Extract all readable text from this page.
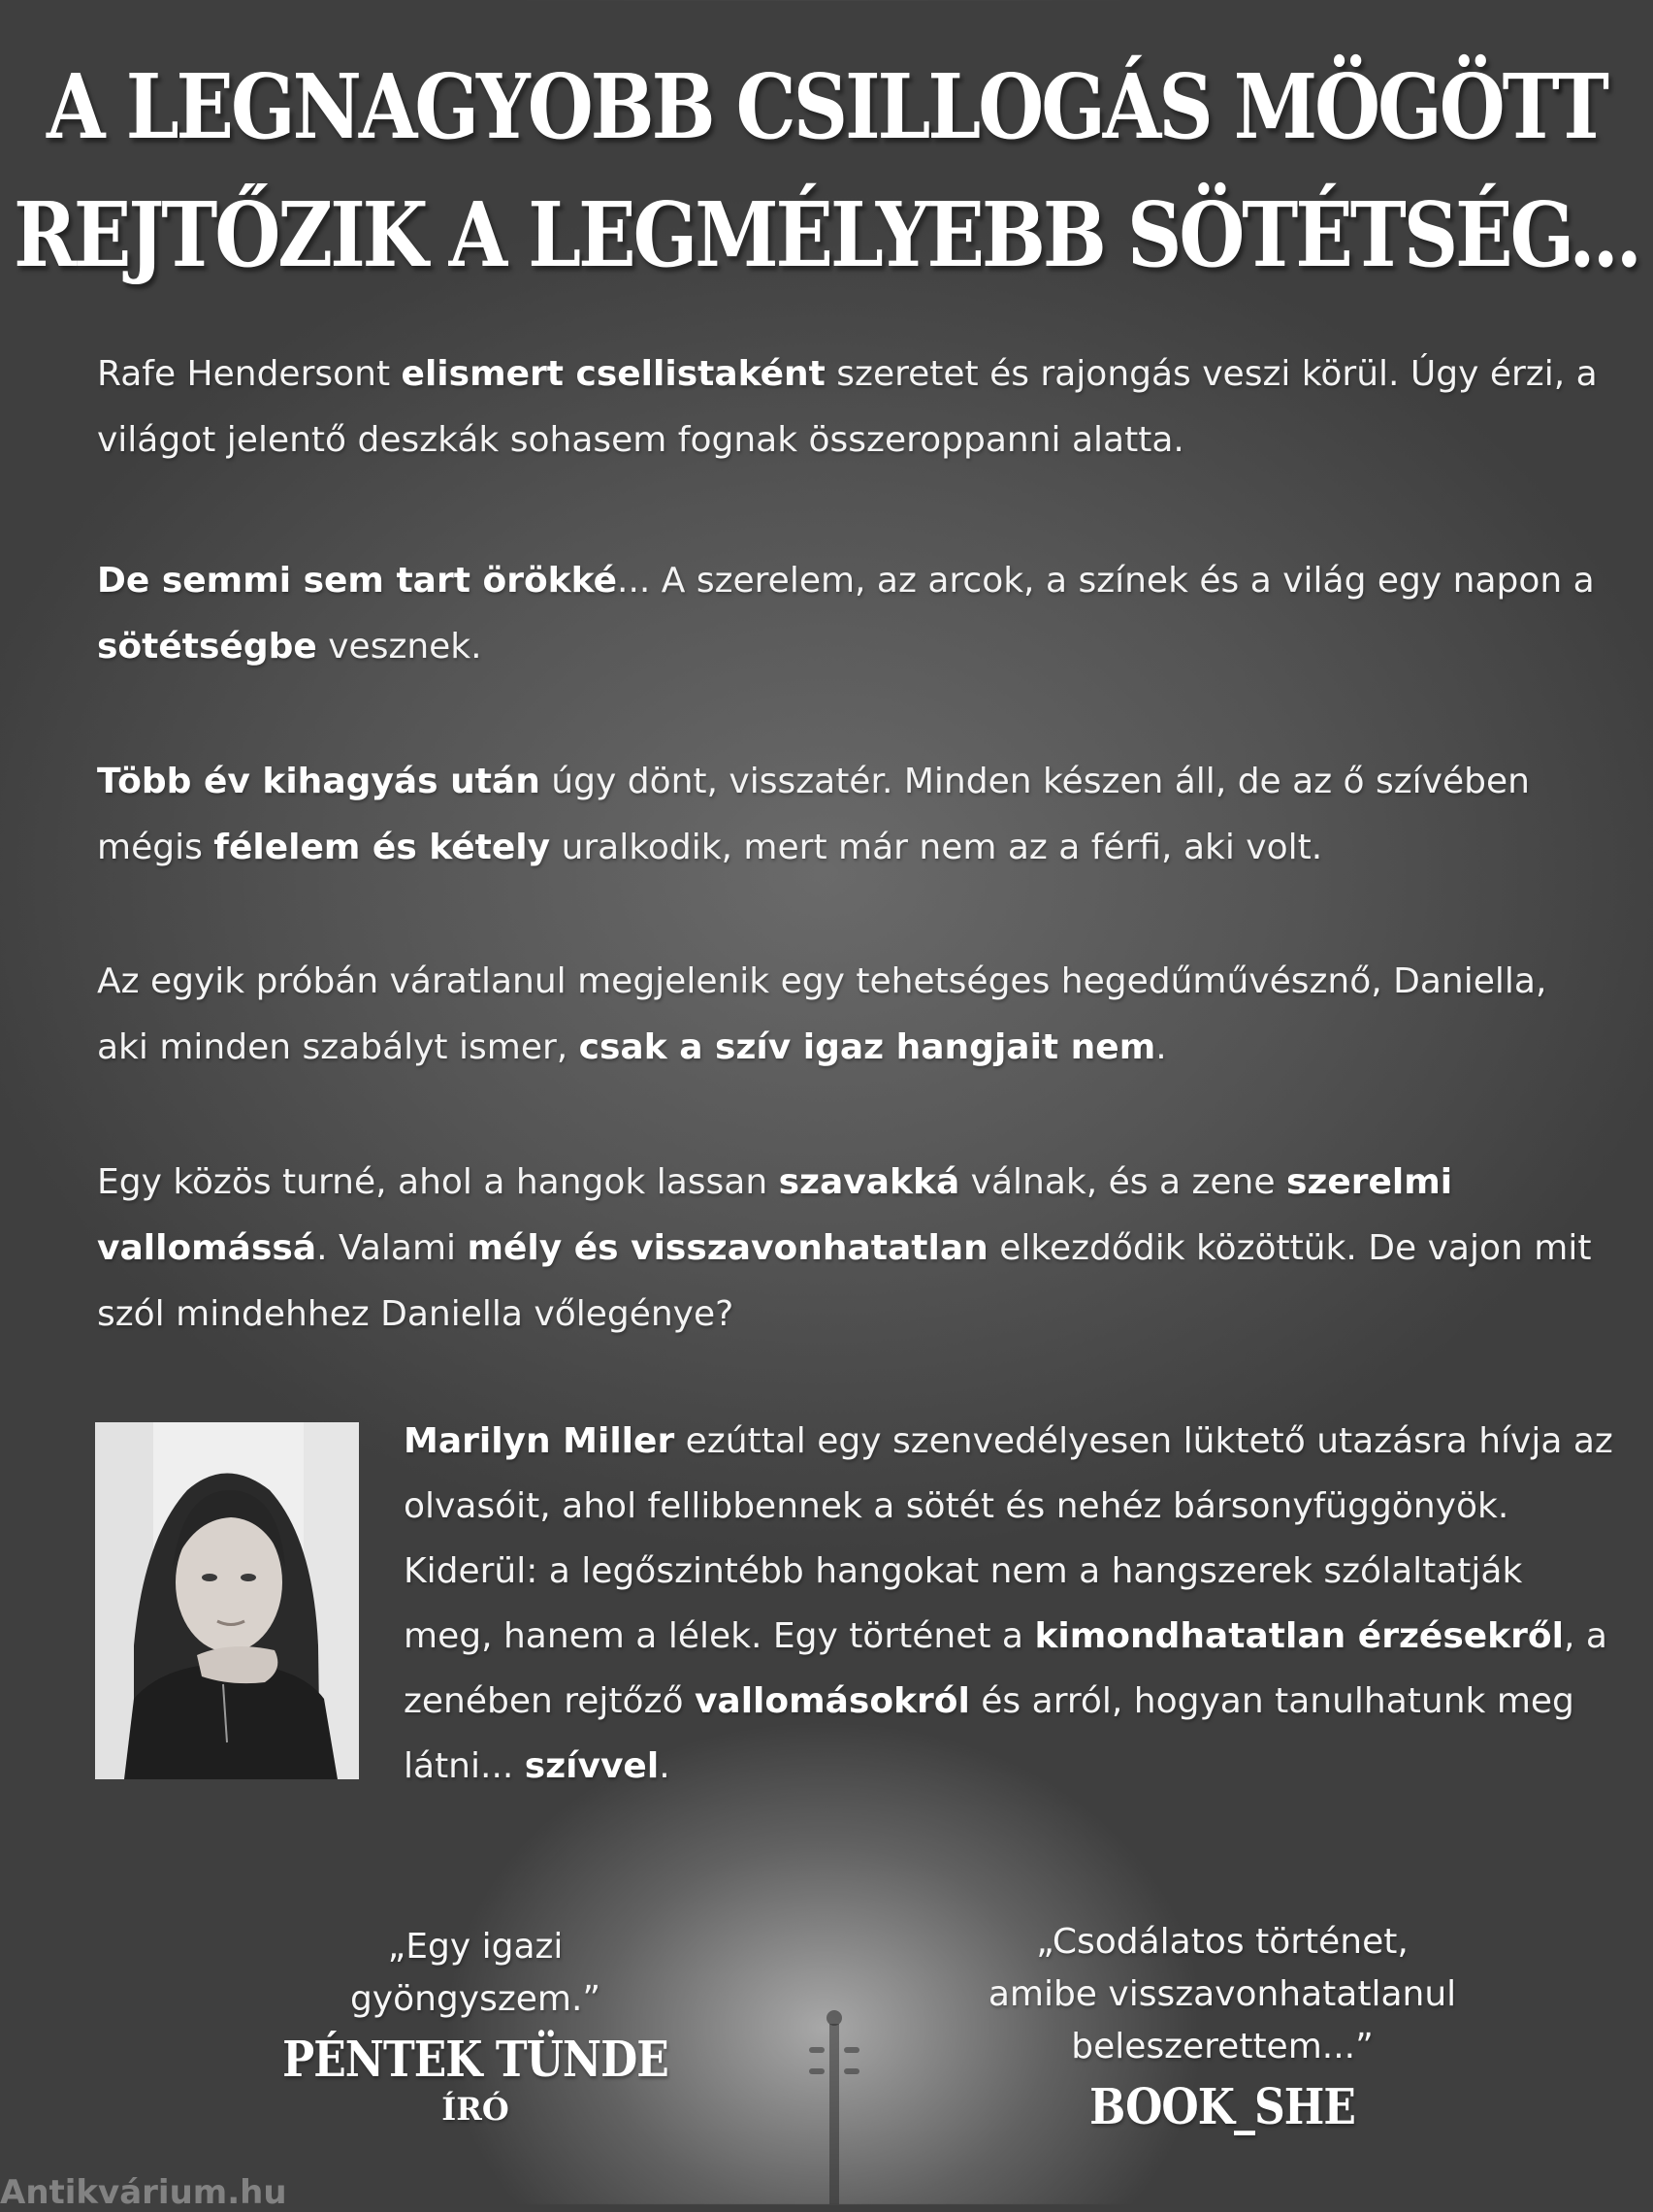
A LEGNAGYOBB CSILLOGÁS MÖGÖTT
REJTŐZIK A LEGMÉLYEBB SÖTÉTSÉG...
Rafe Hendersont elismert csellistaként szeretet és rajongás veszi körül. Úgy érzi, a világot jelentő deszkák sohasem fognak összeroppanni alatta.
De semmi sem tart örökké... A szerelem, az arcok, a színek és a világ egy napon a sötétségbe vesznek.
Több év kihagyás után úgy dönt, visszatér. Minden készen áll, de az ő szívében mégis félelem és kétely uralkodik, mert már nem az a férfi, aki volt.
Az egyik próbán váratlanul megjelenik egy tehetséges hegedűművésznő, Daniella, aki minden szabályt ismer, csak a szív igaz hangjait nem.
Egy közös turné, ahol a hangok lassan szavakká válnak, és a zene szerelmi vallomássá. Valami mély és visszavonhatatlan elkezdődik közöttük. De vajon mit szól mindehhez Daniella vőlegénye?
Marilyn Miller ezúttal egy szenvedélyesen lüktető utazásra hívja az olvasóit, ahol fellibbennek a sötét és nehéz bársonyfüggönyök. Kiderül: a legőszintébb hangokat nem a hangszerek szólaltatják meg, hanem a lélek. Egy történet a kimondhatatlan érzésekről, a zenében rejtőző vallomásokról és arról, hogyan tanulhatunk meg látni... szívvel.
„Egy igazi
gyöngyszem.”
PÉNTEK TÜNDE
ÍRÓ
„Csodálatos történet,
amibe visszavonhatatlanul
beleszerettem...”
BOOK_SHE
Antikvárium.hu
